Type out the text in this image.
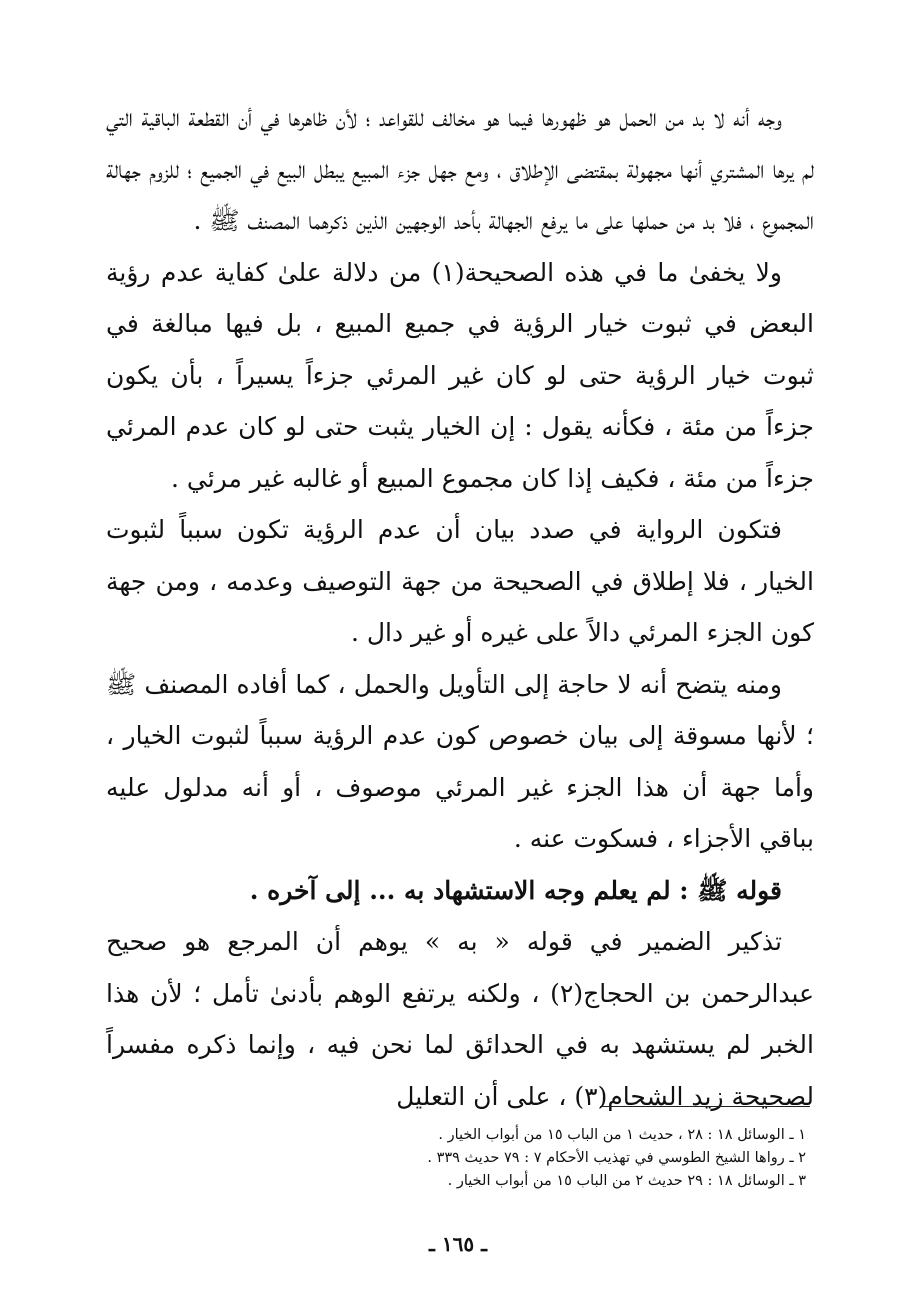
وجه أنه لا بد من الحمل هو ظهورها فيما هو مخالف للقواعد ؛ لأن ظاهرها في أن القطعة الباقية التي لم يرها المشتري أنها مجهولة بمقتضى الإطلاق ، ومع جهل جزء المبيع يبطل البيع في الجميع ؛ للزوم جهالة المجموع ، فلا بد من حملها على ما يرفع الجهالة بأحد الوجهين الذين ذكرهما المصنف ﷺ .

ولا يخفىٰ ما في هذه الصحيحة(١) من دلالة علىٰ كفاية عدم رؤية البعض في ثبوت خيار الرؤية في جميع المبيع ، بل فيها مبالغة في ثبوت خيار الرؤية حتى لو كان غير المرئي جزءاً يسيراً ، بأن يكون جزءاً من مئة ، فكأنه يقول : إن الخيار يثبت حتى لو كان عدم المرئي جزءاً من مئة ، فكيف إذا كان مجموع المبيع أو غالبه غير مرئي .

فتكون الرواية في صدد بيان أن عدم الرؤية تكون سبباً لثبوت الخيار ، فلا إطلاق في الصحيحة من جهة التوصيف وعدمه ، ومن جهة كون الجزء المرئي دالاً على غيره أو غير دال .

ومنه يتضح أنه لا حاجة إلى التأويل والحمل ، كما أفاده المصنف ﷺ ؛ لأنها مسوقة إلى بيان خصوص كون عدم الرؤية سبباً لثبوت الخيار ، وأما جهة أن هذا الجزء غير المرئي موصوف ، أو أنه مدلول عليه بباقي الأجزاء ، فسكوت عنه .

قوله ﷺ : لم يعلم وجه الاستشهاد به ... إلى آخره .

تذكير الضمير في قوله « به » يوهم أن المرجع هو صحيح عبدالرحمن بن الحجاج(٢) ، ولكنه يرتفع الوهم بأدنىٰ تأمل ؛ لأن هذا الخبر لم يستشهد به في الحدائق لما نحن فيه ، وإنما ذكره مفسراً لصحيحة زيد الشحام(٣) ، على أن التعليل

١ ـ الوسائل ١٨ : ٢٨ ، حديث ١ من الباب ١٥ من أبواب الخيار .

٢ ـ رواها الشيخ الطوسي في تهذيب الأحكام ٧ : ٧٩ حديث ٣٣٩ .

٣ ـ الوسائل ١٨ : ٢٩ حديث ٢ من الباب ١٥ من أبواب الخيار .

ـ ١٦٥ ـ
